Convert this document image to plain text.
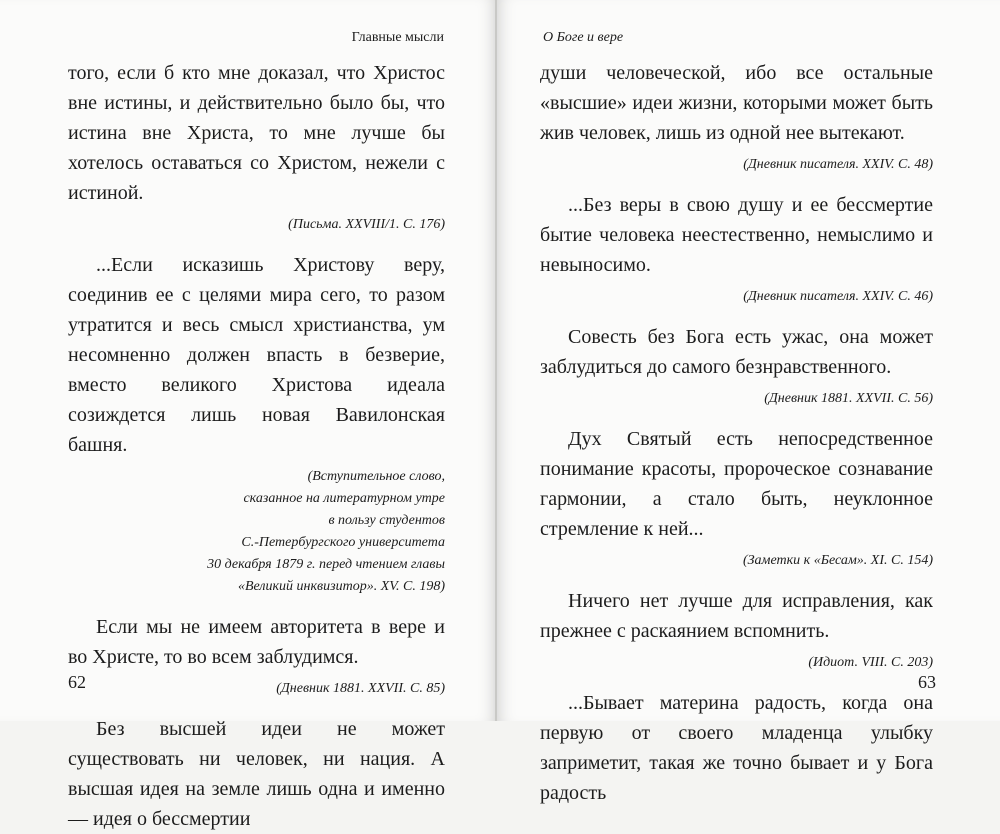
Главные мысли

того, если б кто мне доказал, что Христос вне истины, и действительно было бы, что истина вне Христа, то мне лучше бы хотелось оставаться со Христом, нежели с истиной.

(Письма. XXVIII/1. С. 176)

...Если исказишь Христову веру, соединив ее с целями мира сего, то разом утратится и весь смысл христианства, ум несомненно должен впасть в безверие, вместо великого Христова идеала созиждется лишь новая Вавилонская башня.

(Вступительное слово,
сказанное на литературном утре
в пользу студентов
С.-Петербургского университета
30 декабря 1879 г. перед чтением главы
«Великий инквизитор». XV. С. 198)

Если мы не имеем авторитета в вере и во Христе, то во всем заблудимся.

(Дневник 1881. XXVII. С. 85)

Без высшей идеи не может существовать ни человек, ни нация. А высшая идея на земле лишь одна и именно — идея о бессмертии

62
О Боге и вере

души человеческой, ибо все остальные «высшие» идеи жизни, которыми может быть жив человек, лишь из одной нее вытекают.

(Дневник писателя. XXIV. С. 48)

...Без веры в свою душу и ее бессмертие бытие человека неестественно, немыслимо и невыносимо.

(Дневник писателя. XXIV. С. 46)

Совесть без Бога есть ужас, она может заблудиться до самого безнравственного.

(Дневник 1881. XXVII. С. 56)

Дух Святый есть непосредственное понимание красоты, пророческое сознавание гармонии, а стало быть, неуклонное стремление к ней...

(Заметки к «Бесам». XI. С. 154)

Ничего нет лучше для исправления, как прежнее с раскаянием вспомнить.

(Идиот. VIII. С. 203)

...Бывает материна радость, когда она первую от своего младенца улыбку заприметит, такая же точно бывает и у Бога радость

63
